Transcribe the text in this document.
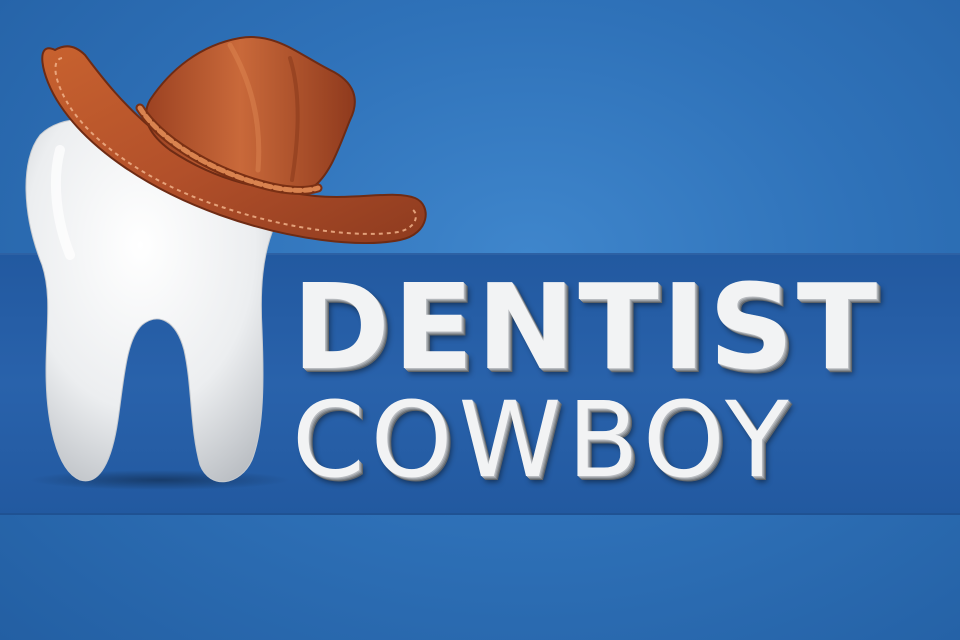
DENTIST
COWBOY
